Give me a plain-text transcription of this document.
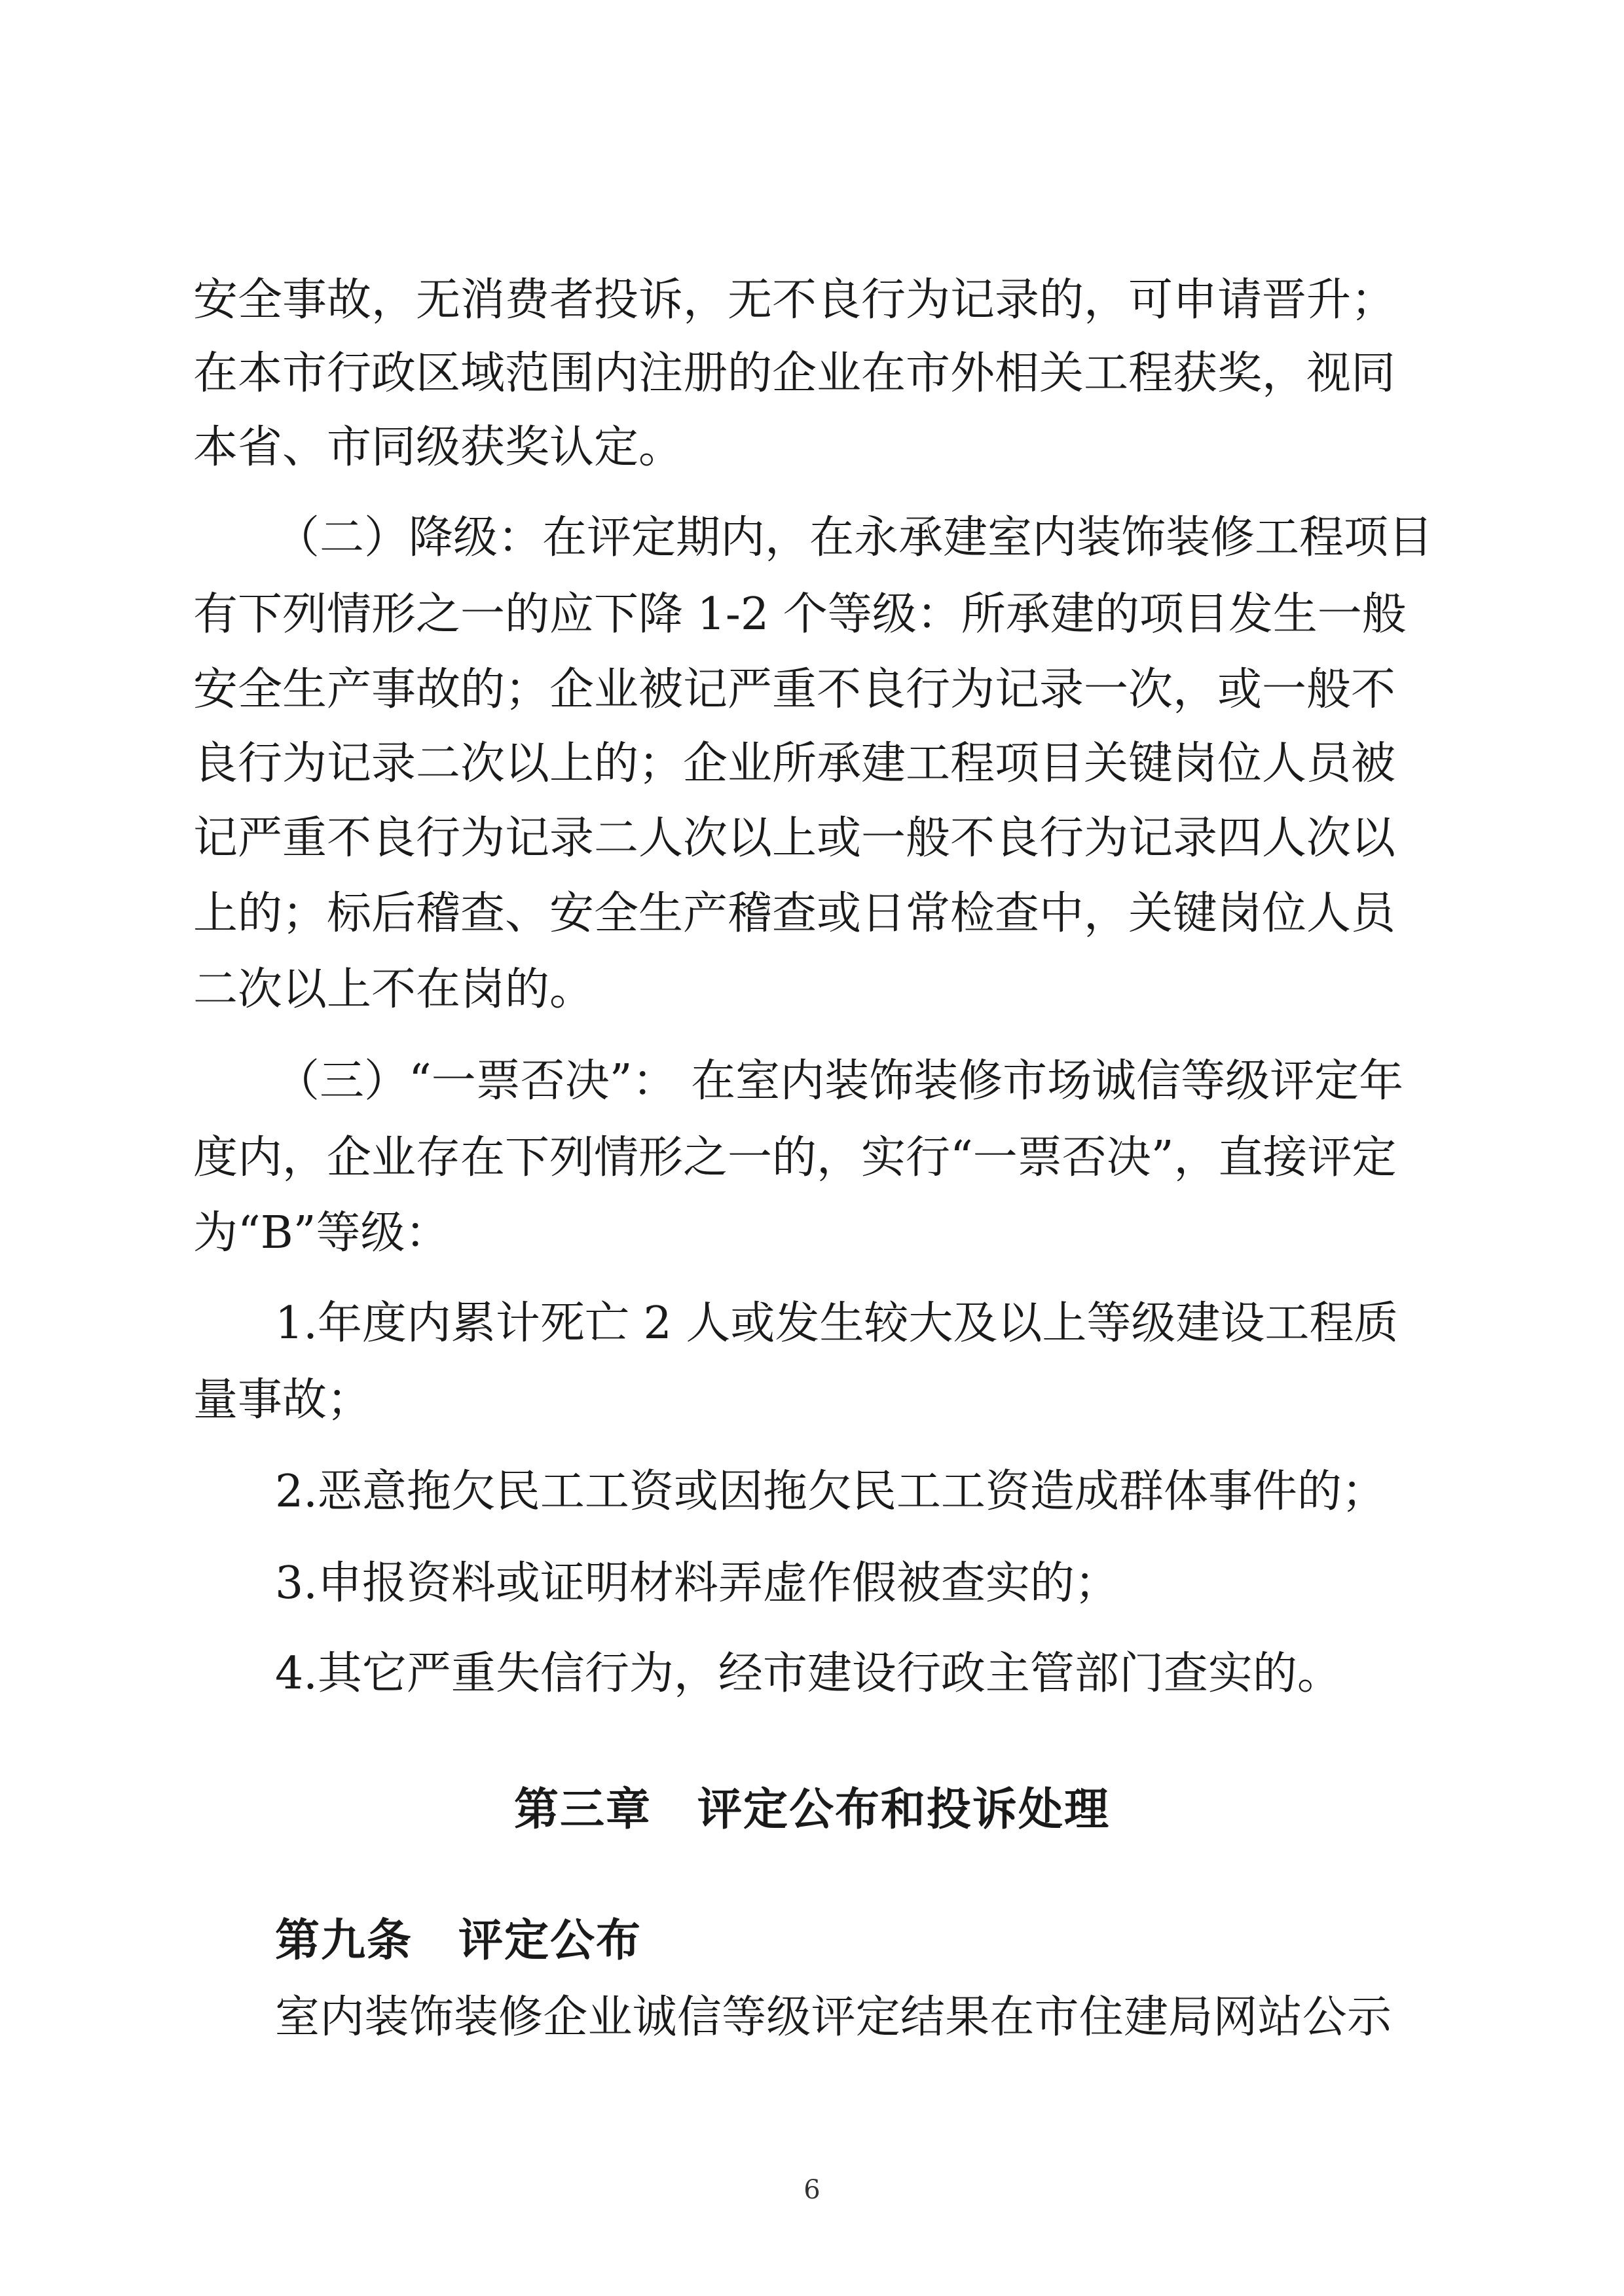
安全事故，无消费者投诉，无不良行为记录的，可申请晋升；
在本市行政区域范围内注册的企业在市外相关工程获奖，视同
本省、市同级获奖认定。
（二）降级：在评定期内，在永承建室内装饰装修工程项目
有下列情形之一的应下降 1-2 个等级：所承建的项目发生一般
安全生产事故的；企业被记严重不良行为记录一次，或一般不
良行为记录二次以上的；企业所承建工程项目关键岗位人员被
记严重不良行为记录二人次以上或一般不良行为记录四人次以
上的；标后稽查、安全生产稽查或日常检查中，关键岗位人员
二次以上不在岗的。
（三）“一票否决”： 在室内装饰装修市场诚信等级评定年
度内，企业存在下列情形之一的，实行“一票否决”，直接评定
为“B”等级：
1.年度内累计死亡 2 人或发生较大及以上等级建设工程质
量事故；
2.恶意拖欠民工工资或因拖欠民工工资造成群体事件的；
3.申报资料或证明材料弄虚作假被查实的；
4.其它严重失信行为，经市建设行政主管部门查实的。
第三章　评定公布和投诉处理
第九条　评定公布
室内装饰装修企业诚信等级评定结果在市住建局网站公示
6
